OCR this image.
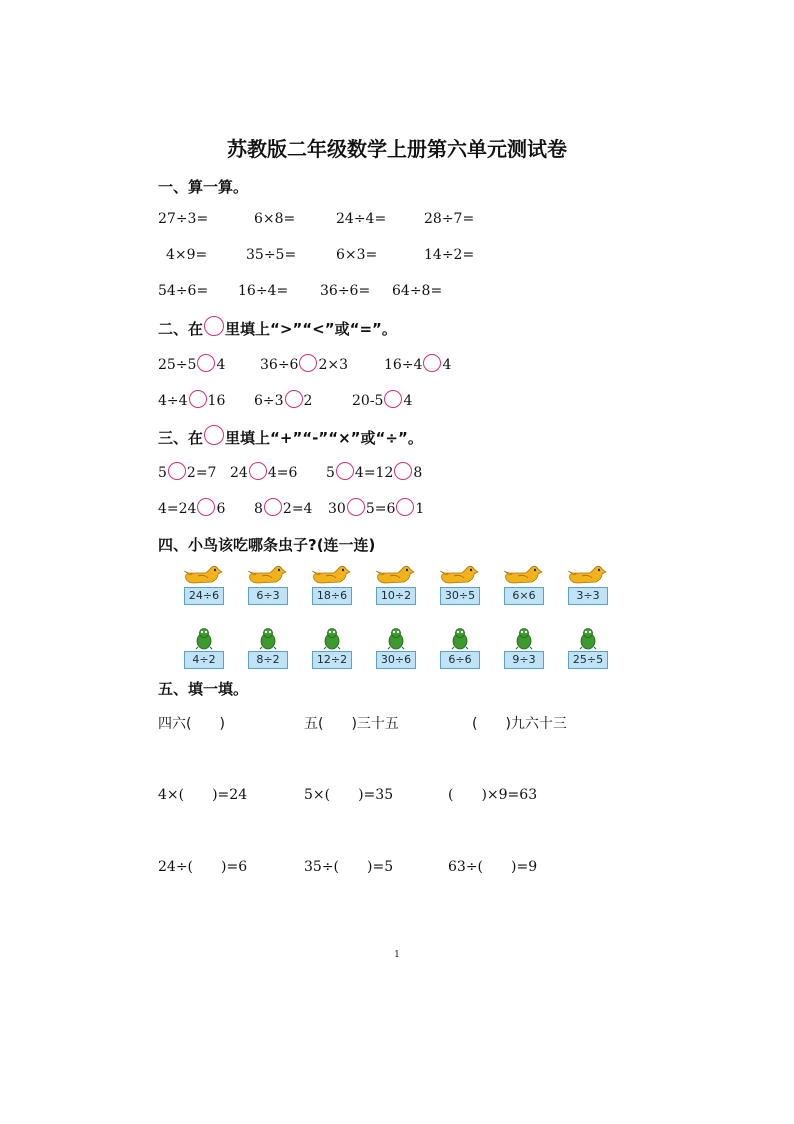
苏教版二年级数学上册第六单元测试卷
一、算一算。
27÷3=	6×8=	24÷4=	28÷7=
4×9=	35÷5=	6×3=	14÷2=
54÷6= 16÷4= 36÷6= 64÷8=
二、在 里填上“>”“<”或“=”。
25÷5 4 36÷6 2×3	16÷4 4
4÷4 16 6÷3 2	20-5 4
三、在 里填上“+”“-”“×”或“÷”。
5 2=7 24 4=6 5 4=12 8
4=24 6 8 2=4 30 5=6 1
四、小鸟该吃哪条虫子?(连一连)
24÷6	6÷3	18÷6	10÷2	30÷5	6×6	3÷3
4÷2	8÷2	12÷2	30÷6	6÷6	9÷3	25÷5
五、填一填。
四六(　　)	五(　　)三十五	(　　)九六十三
4×(　　)=24	5×(　　)=35	(　　)×9=63
24÷(　　)=6	35÷(　　)=5	63÷(　　)=9
1
